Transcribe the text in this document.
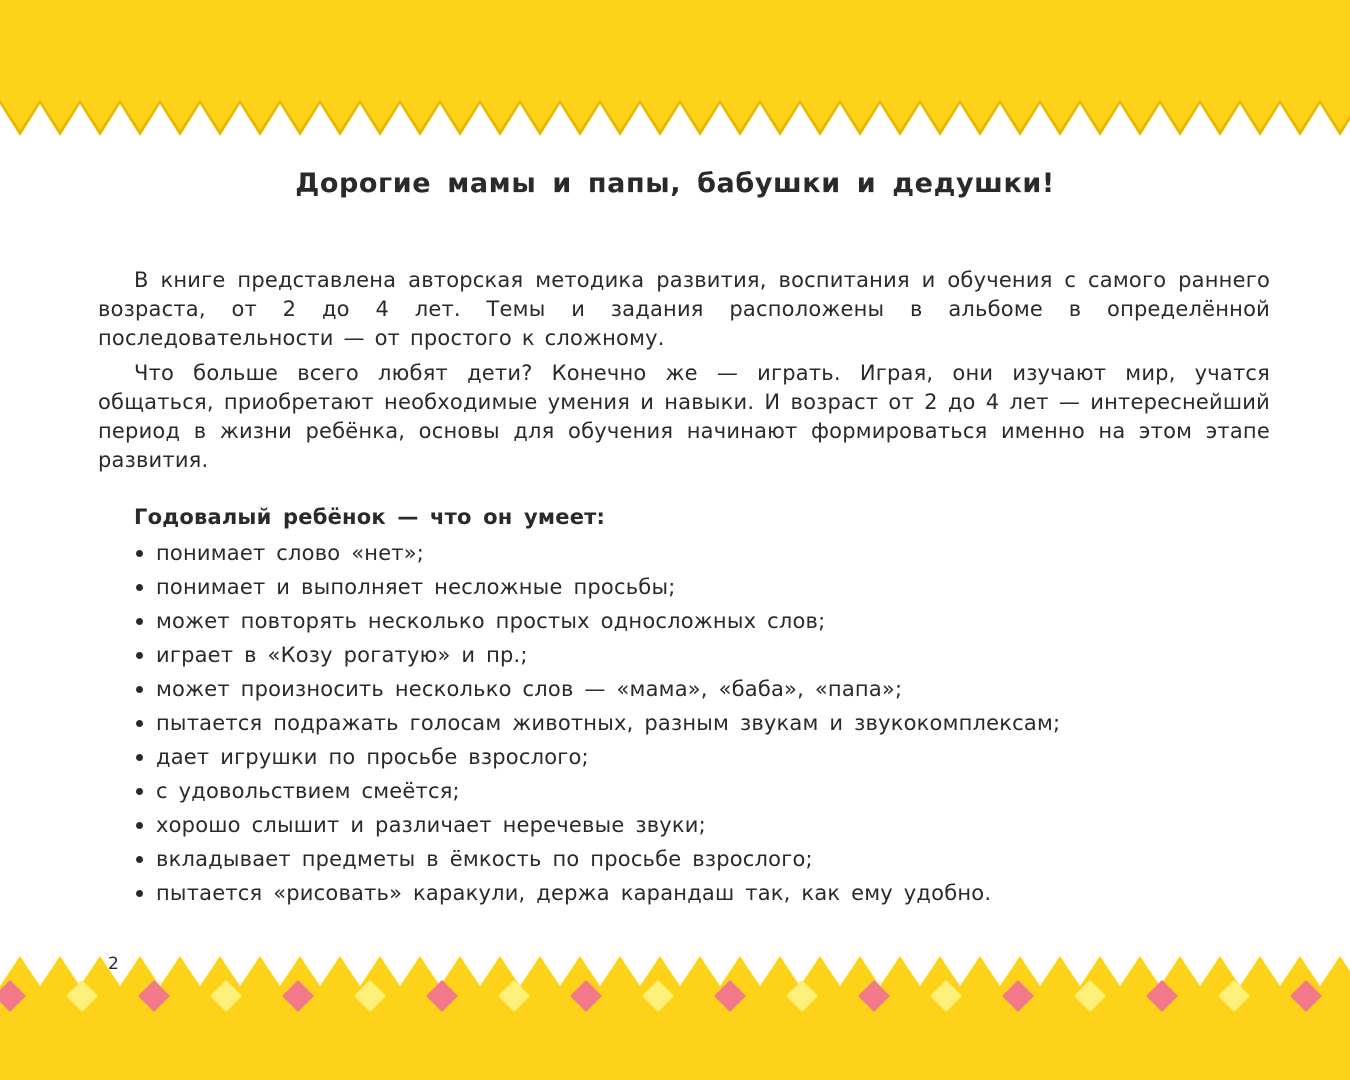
Дорогие мамы и папы, бабушки и дедушки!

В книге представлена авторская методика развития, воспитания и обучения с самого раннего возраста, от 2 до 4 лет. Темы и задания расположены в альбоме в определённой последовательности — от простого к сложному.

Что больше всего любят дети? Конечно же — играть. Играя, они изучают мир, учатся общаться, приобретают необходимые умения и навыки. И возраст от 2 до 4 лет — интереснейший период в жизни ребёнка, основы для обучения начинают формироваться именно на этом этапе развития.

Годовалый ребёнок — что он умеет:
понимает слово «нет»;
понимает и выполняет несложные просьбы;
может повторять несколько простых односложных слов;
играет в «Козу рогатую» и пр.;
может произносить несколько слов — «мама», «баба», «папа»;
пытается подражать голосам животных, разным звукам и звукокомплексам;
дает игрушки по просьбе взрослого;
с удовольствием смеётся;
хорошо слышит и различает неречевые звуки;
вкладывает предметы в ёмкость по просьбе взрослого;
пытается «рисовать» каракули, держа карандаш так, как ему удобно.
2
